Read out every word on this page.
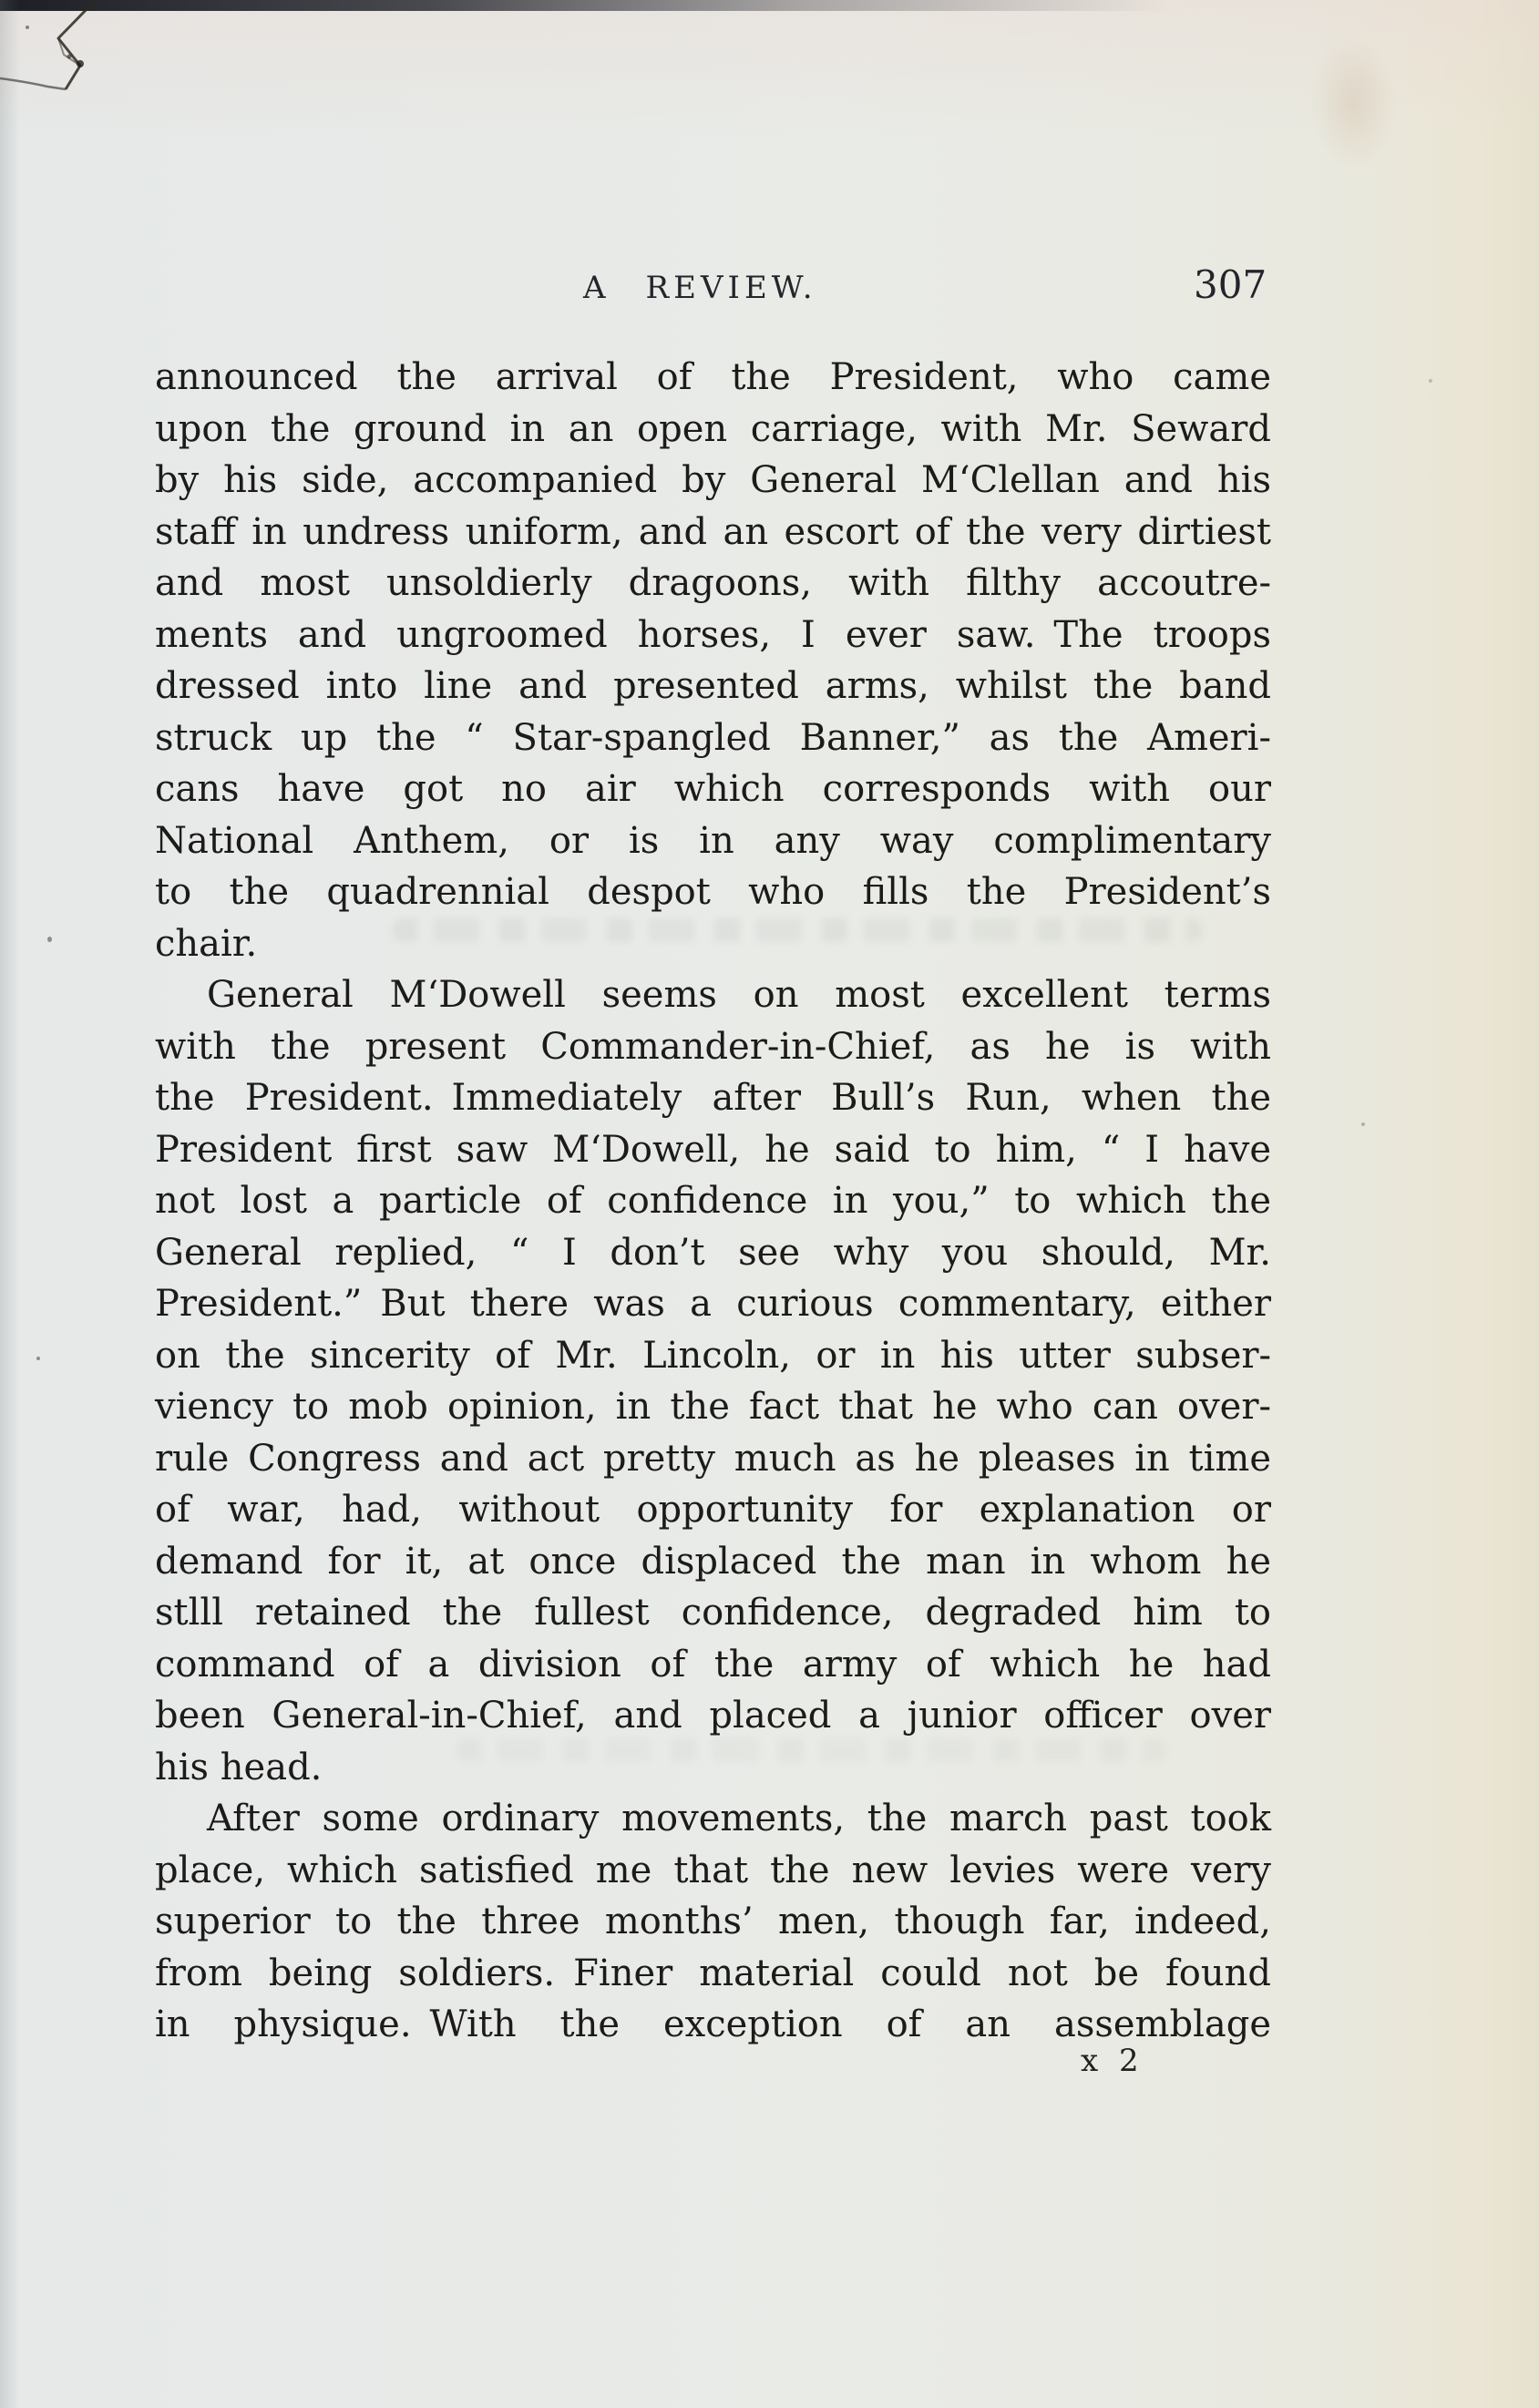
A REVIEW.	307

announced the arrival of the President, who came
upon the ground in an open carriage, with Mr. Seward
by his side, accompanied by General M‘Clellan and his
staff in undress uniform, and an escort of the very dirtiest
and most unsoldierly dragoons, with filthy accoutre-
ments and ungroomed horses, I ever saw. The troops
dressed into line and presented arms, whilst the band
struck up the “ Star-spangled Banner,” as the Ameri-
cans have got no air which corresponds with our
National Anthem, or is in any way complimentary
to the quadrennial despot who fills the President’s
chair.

General M‘Dowell seems on most excellent terms
with the present Commander-in-Chief, as he is with
the President. Immediately after Bull’s Run, when the
President first saw M‘Dowell, he said to him, “ I have
not lost a particle of confidence in you,” to which the
General replied, “ I don’t see why you should, Mr.
President.” But there was a curious commentary, either
on the sincerity of Mr. Lincoln, or in his utter subser-
viency to mob opinion, in the fact that he who can over-
rule Congress and act pretty much as he pleases in time
of war, had, without opportunity for explanation or
demand for it, at once displaced the man in whom he
stlll retained the fullest confidence, degraded him to
command of a division of the army of which he had
been General-in-Chief, and placed a junior officer over
his head.

After some ordinary movements, the march past took
place, which satisfied me that the new levies were very
superior to the three months’ men, though far, indeed,
from being soldiers. Finer material could not be found
in physique. With the exception of an assemblage

x 2
